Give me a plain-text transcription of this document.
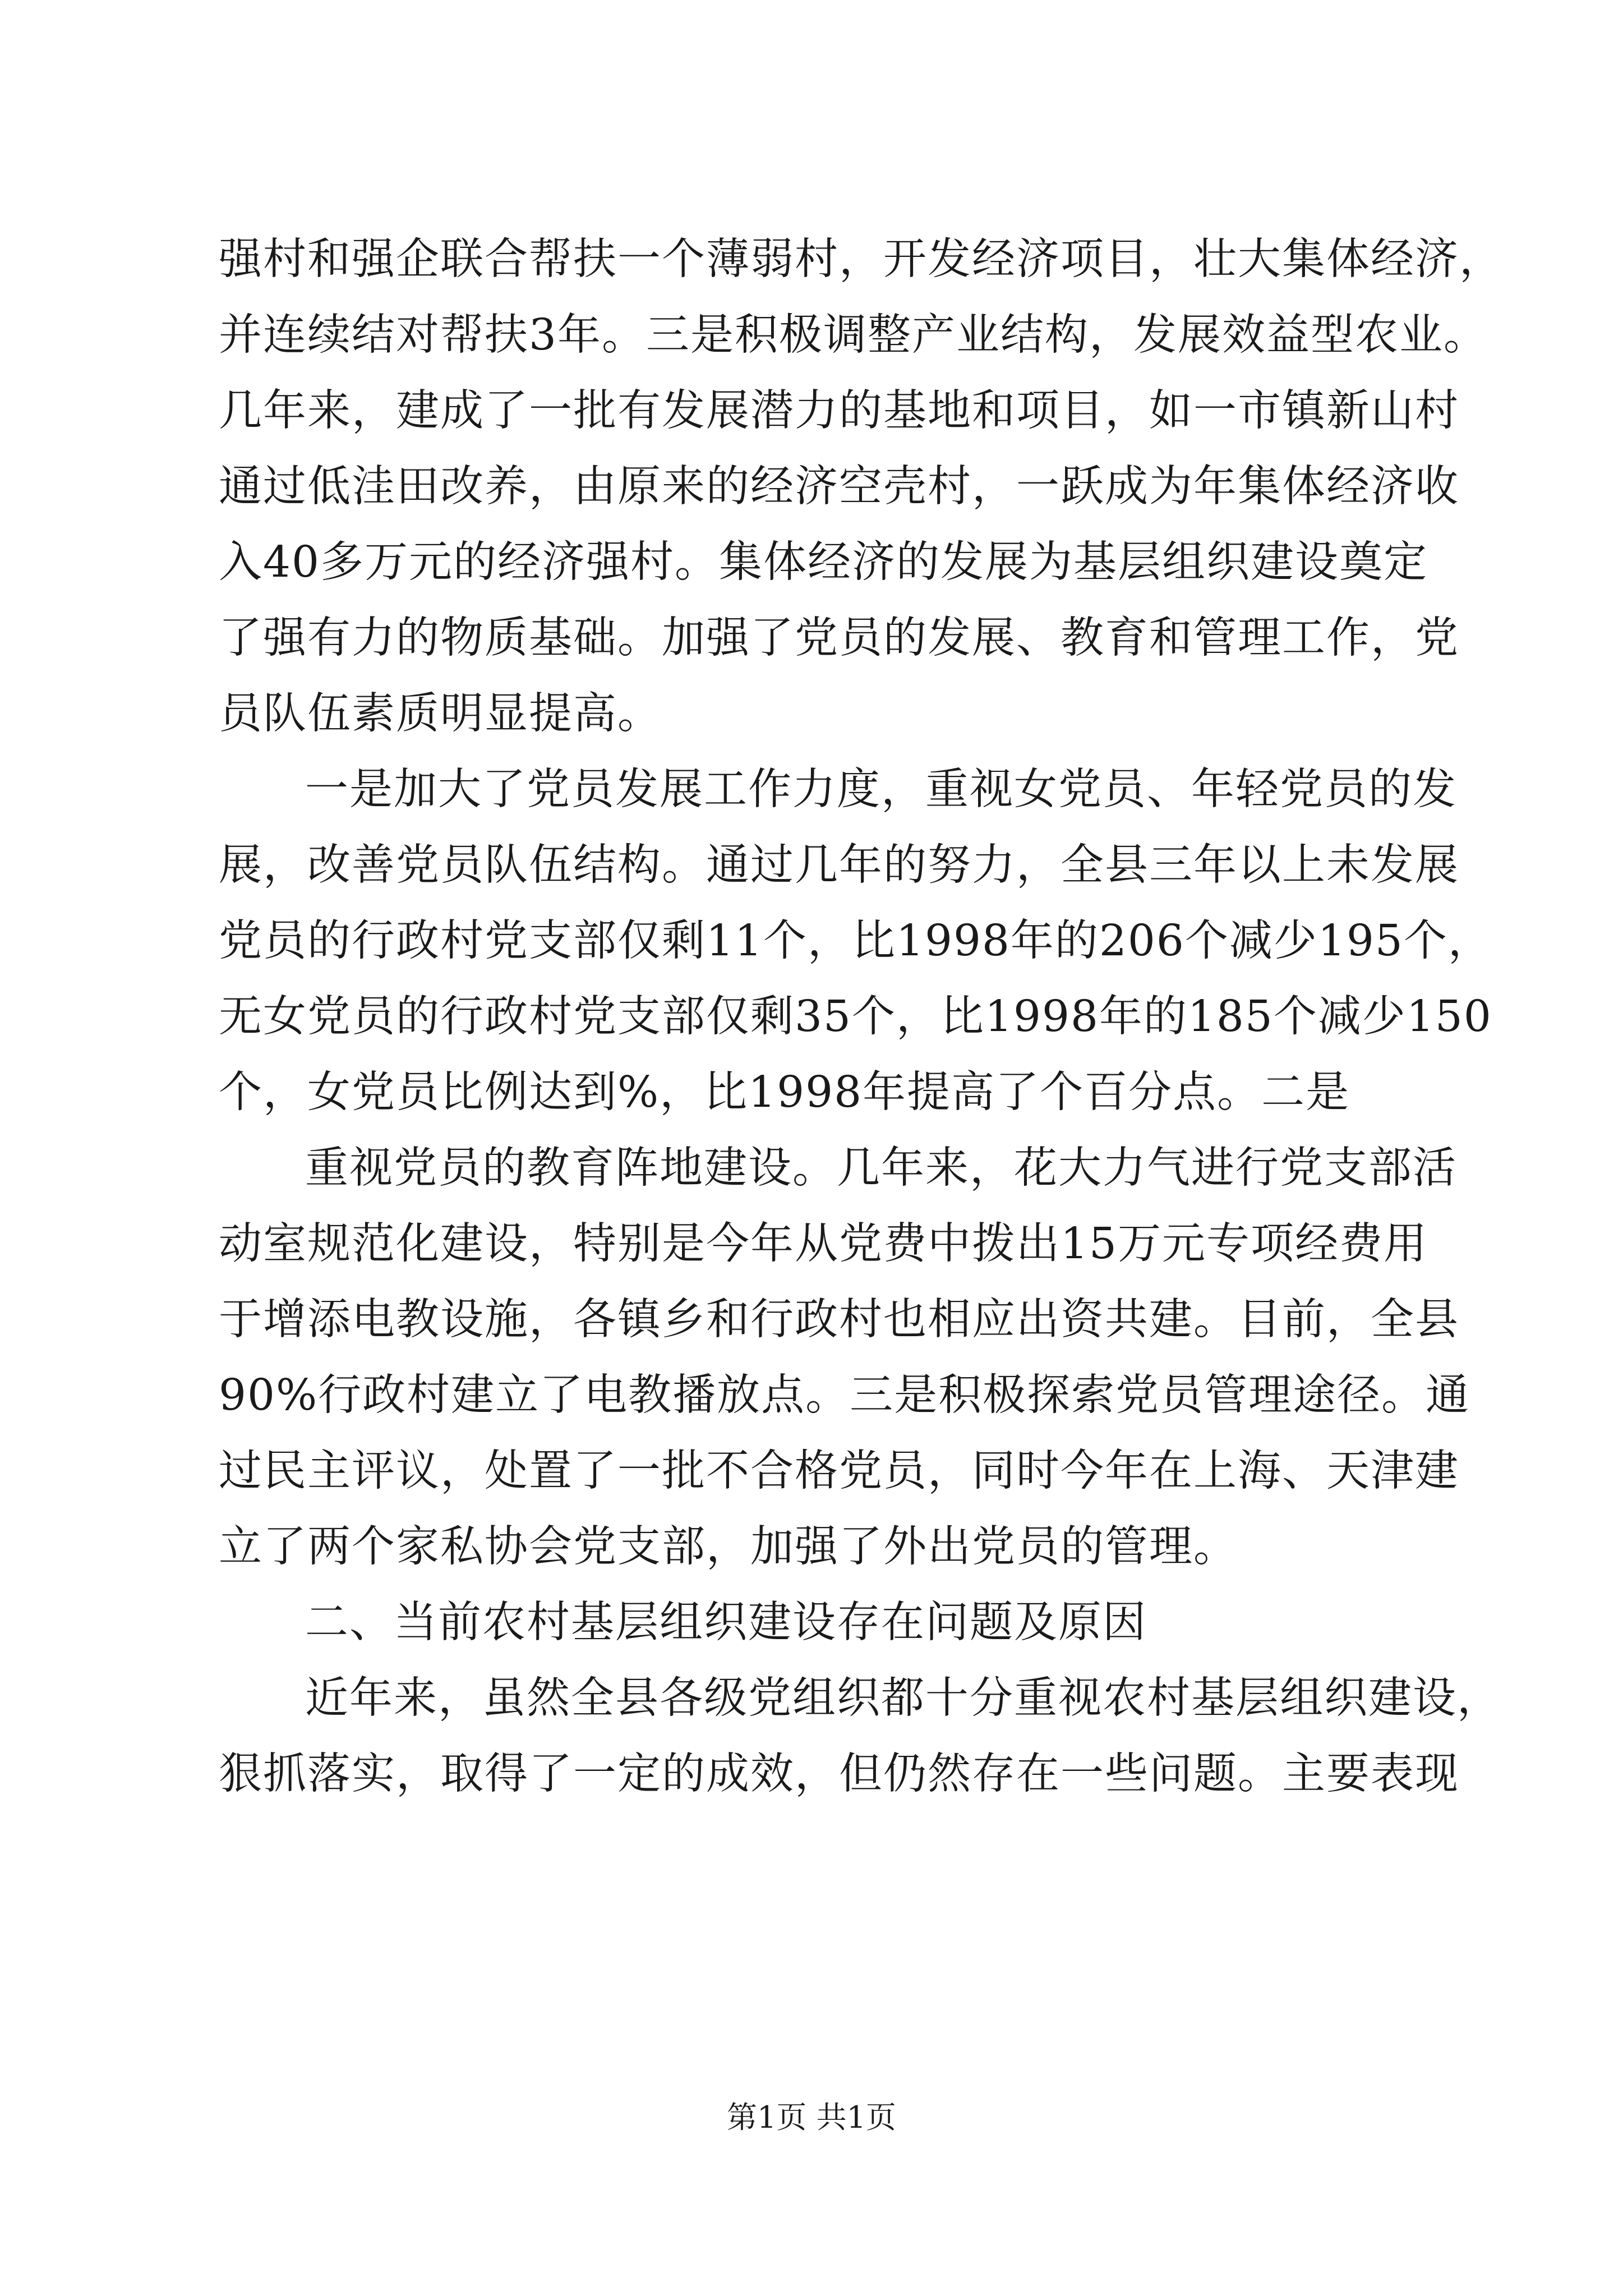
强村和强企联合帮扶一个薄弱村，开发经济项目，壮大集体经济，
并连续结对帮扶3年。三是积极调整产业结构，发展效益型农业。
几年来，建成了一批有发展潜力的基地和项目，如一市镇新山村
通过低洼田改养，由原来的经济空壳村，一跃成为年集体经济收
入40多万元的经济强村。集体经济的发展为基层组织建设奠定
了强有力的物质基础。加强了党员的发展、教育和管理工作，党
员队伍素质明显提高。
一是加大了党员发展工作力度，重视女党员、年轻党员的发
展，改善党员队伍结构。通过几年的努力，全县三年以上未发展
党员的行政村党支部仅剩11个，比1998年的206个减少195个，
无女党员的行政村党支部仅剩35个，比1998年的185个减少150
个，女党员比例达到%，比1998年提高了个百分点。二是
重视党员的教育阵地建设。几年来，花大力气进行党支部活
动室规范化建设，特别是今年从党费中拨出15万元专项经费用
于增添电教设施，各镇乡和行政村也相应出资共建。目前，全县
90%行政村建立了电教播放点。三是积极探索党员管理途径。通
过民主评议，处置了一批不合格党员，同时今年在上海、天津建
立了两个家私协会党支部，加强了外出党员的管理。
二、当前农村基层组织建设存在问题及原因
近年来，虽然全县各级党组织都十分重视农村基层组织建设，
狠抓落实，取得了一定的成效，但仍然存在一些问题。主要表现
第1页 共1页
